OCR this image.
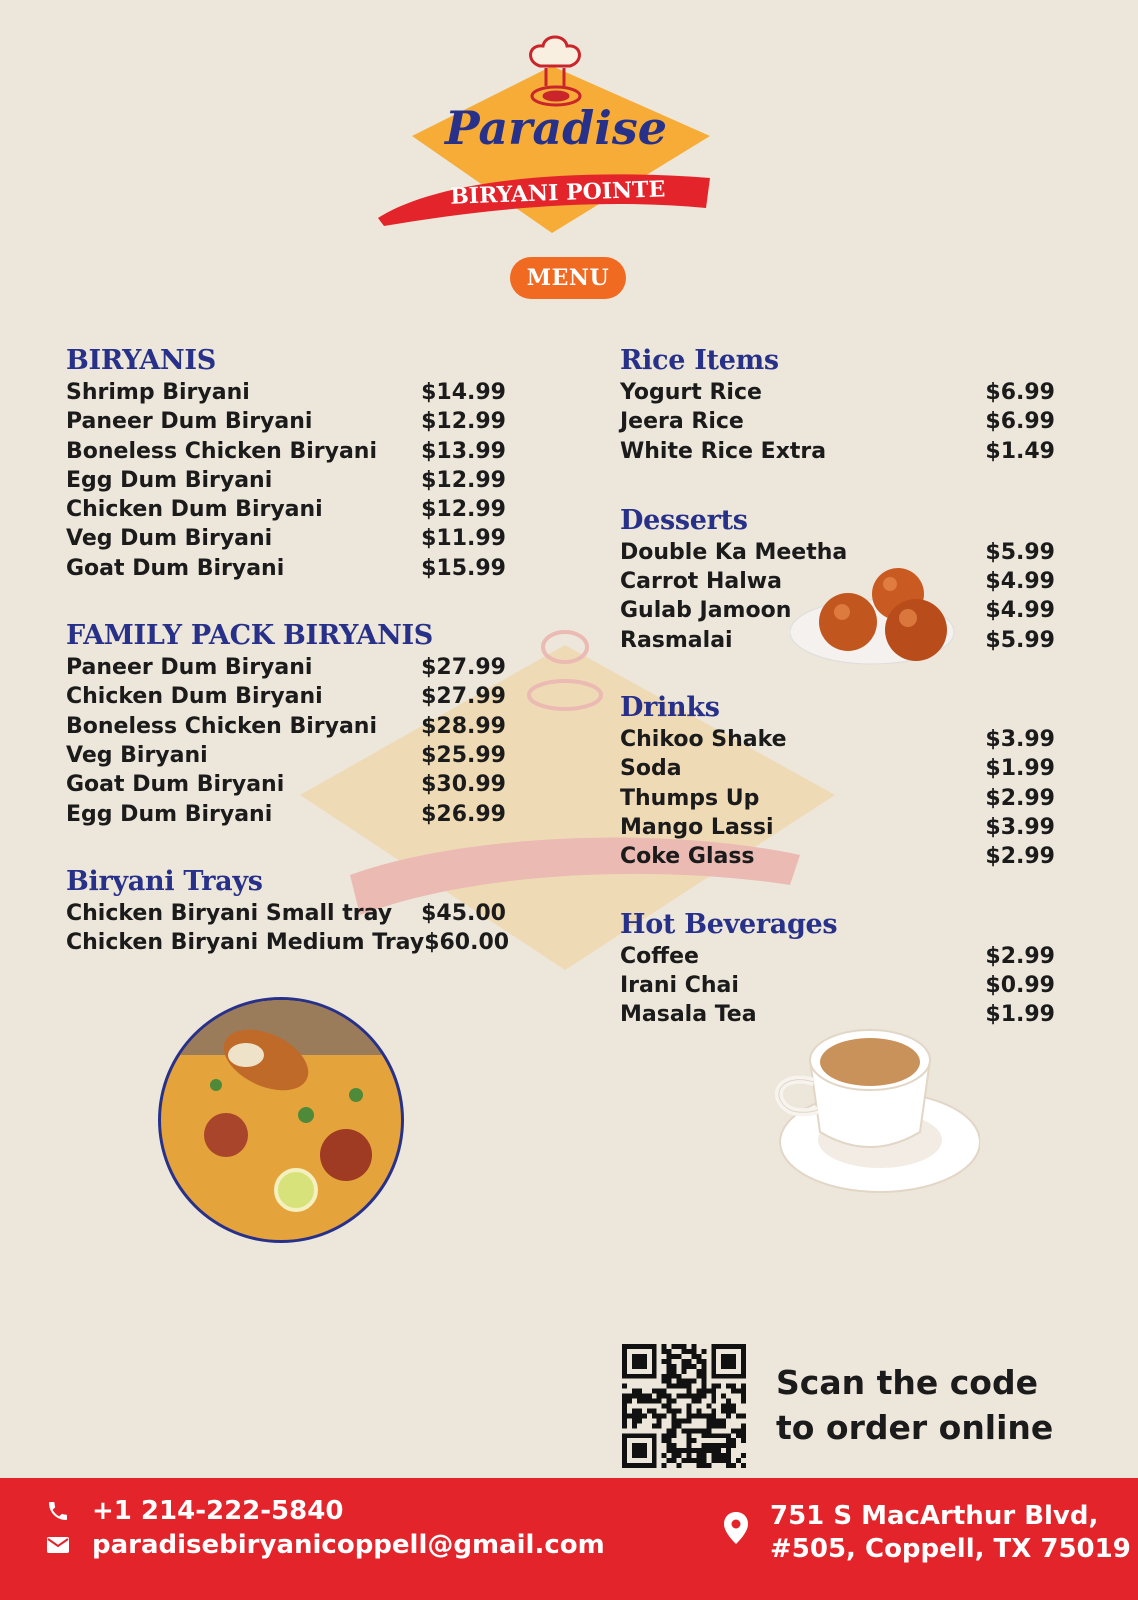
Paradise
BIRYANI POINTE
MENU
BIRYANIS
Shrimp Biryani	$14.99
Paneer Dum Biryani	$12.99
Boneless Chicken Biryani $13.99
Egg Dum Biryani	$12.99
Chicken Dum Biryani	$12.99
Veg Dum Biryani	$11.99
Goat Dum Biryani	$15.99
FAMILY PACK BIRYANIS
Paneer Dum Biryani	$27.99
Chicken Dum Biryani	$27.99
Boneless Chicken Biryani $28.99
Veg Biryani	$25.99
Goat Dum Biryani	$30.99
Egg Dum Biryani	$26.99
Biryani Trays
Chicken Biryani Small tray $45.00
Chicken Biryani Medium Tray $60.00
Rice Items
Yogurt Rice	$6.99
Jeera Rice	$6.99
White Rice Extra	$1.49
Desserts
Double Ka Meetha	$5.99
Carrot Halwa	$4.99
Gulab Jamoon	$4.99
Rasmalai	$5.99
Drinks
Chikoo Shake	$3.99
Soda	$1.99
Thumps Up	$2.99
Mango Lassi	$3.99
Coke Glass	$2.99
Hot Beverages
Coffee	$2.99
Irani Chai	$0.99
Masala Tea	$1.99
Scan the code
to order online
+1 214-222-5840
paradisebiryanicoppell@gmail.com
751 S MacArthur Blvd,
#505, Coppell, TX 75019
